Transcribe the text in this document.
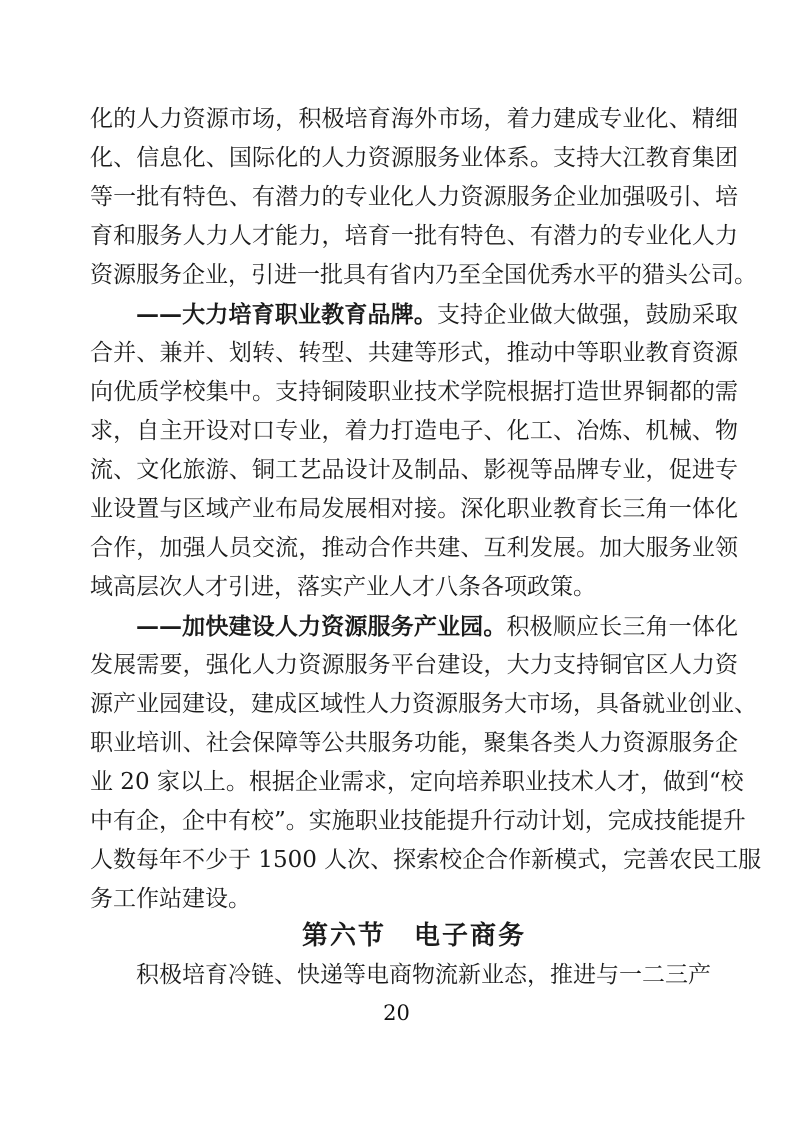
化的人力资源市场，积极培育海外市场，着力建成专业化、精细
化、信息化、国际化的人力资源服务业体系。支持大江教育集团
等一批有特色、有潜力的专业化人力资源服务企业加强吸引、培
育和服务人力人才能力，培育一批有特色、有潜力的专业化人力
资源服务企业，引进一批具有省内乃至全国优秀水平的猎头公司。
——大力培育职业教育品牌。支持企业做大做强，鼓励采取
合并、兼并、划转、转型、共建等形式，推动中等职业教育资源
向优质学校集中。支持铜陵职业技术学院根据打造世界铜都的需
求，自主开设对口专业，着力打造电子、化工、冶炼、机械、物
流、文化旅游、铜工艺品设计及制品、影视等品牌专业，促进专
业设置与区域产业布局发展相对接。深化职业教育长三角一体化
合作，加强人员交流，推动合作共建、互利发展。加大服务业领
域高层次人才引进，落实产业人才八条各项政策。
——加快建设人力资源服务产业园。积极顺应长三角一体化
发展需要，强化人力资源服务平台建设，大力支持铜官区人力资
源产业园建设，建成区域性人力资源服务大市场，具备就业创业、
职业培训、社会保障等公共服务功能，聚集各类人力资源服务企
业 20 家以上。根据企业需求，定向培养职业技术人才，做到“校
中有企，企中有校”。实施职业技能提升行动计划，完成技能提升
人数每年不少于 1500 人次、探索校企合作新模式，完善农民工服
务工作站建设。
第六节　电子商务
积极培育冷链、快递等电商物流新业态，推进与一二三产
20
